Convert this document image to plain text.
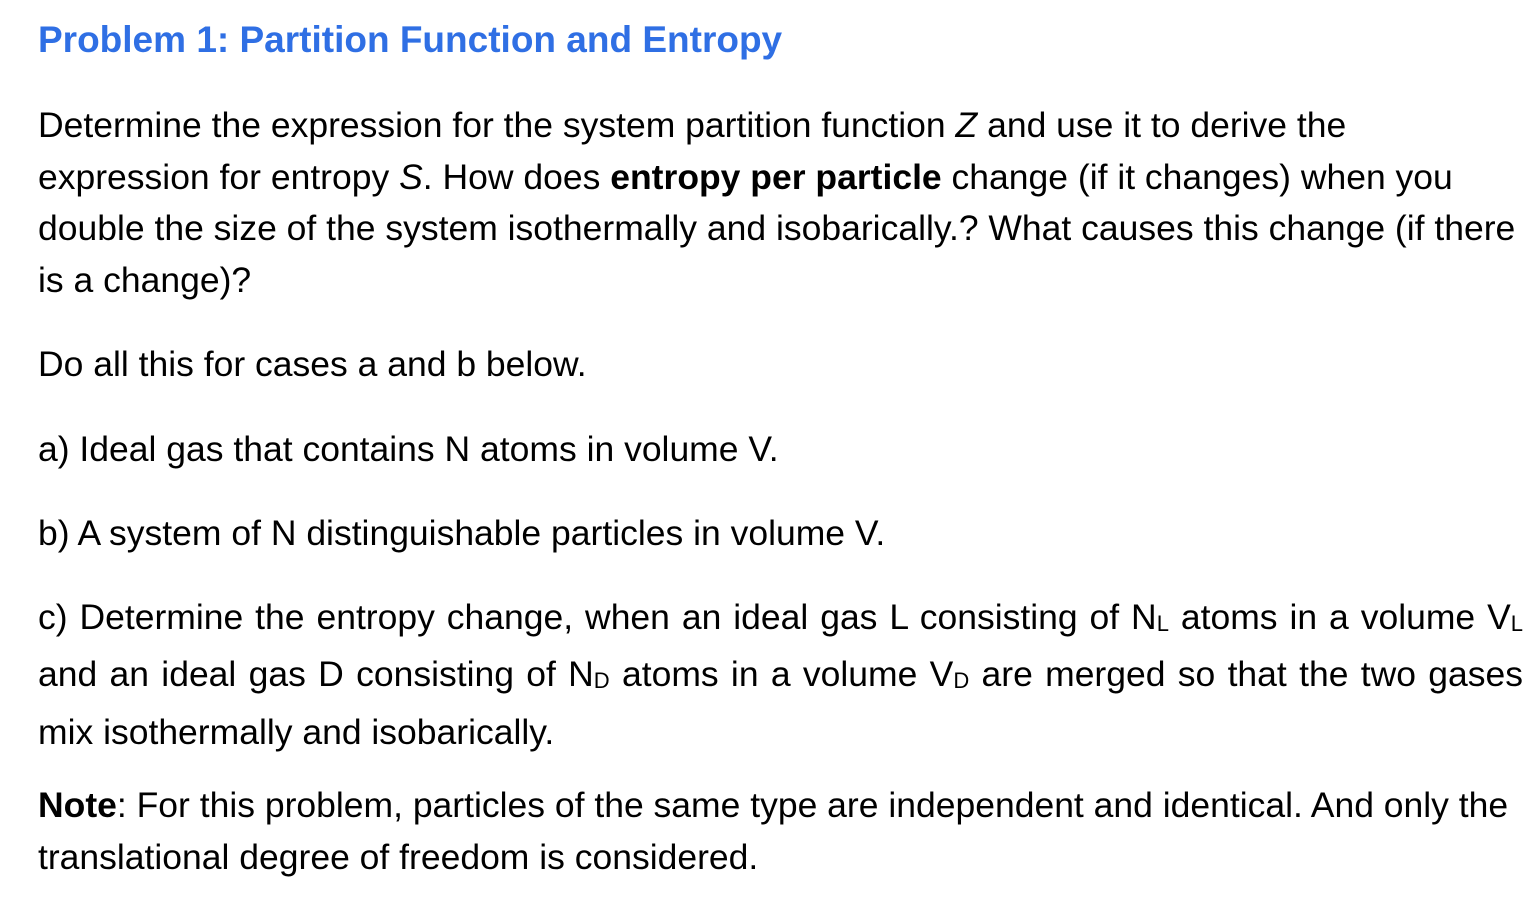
Problem 1: Partition Function and Entropy

Determine the expression for the system partition function Z and use it to derive the expression for entropy S. How does entropy per particle change (if it changes) when you double the size of the system isothermally and isobarically.? What causes this change (if there is a change)?

Do all this for cases a and b below.

a) Ideal gas that contains N atoms in volume V.

b) A system of N distinguishable particles in volume V.

c) Determine the entropy change, when an ideal gas L consisting of NL atoms in a volume VL and an ideal gas D consisting of ND atoms in a volume VD are merged so that the two gases mix isothermally and isobarically.

Note: For this problem, particles of the same type are independent and identical. And only the translational degree of freedom is considered.
